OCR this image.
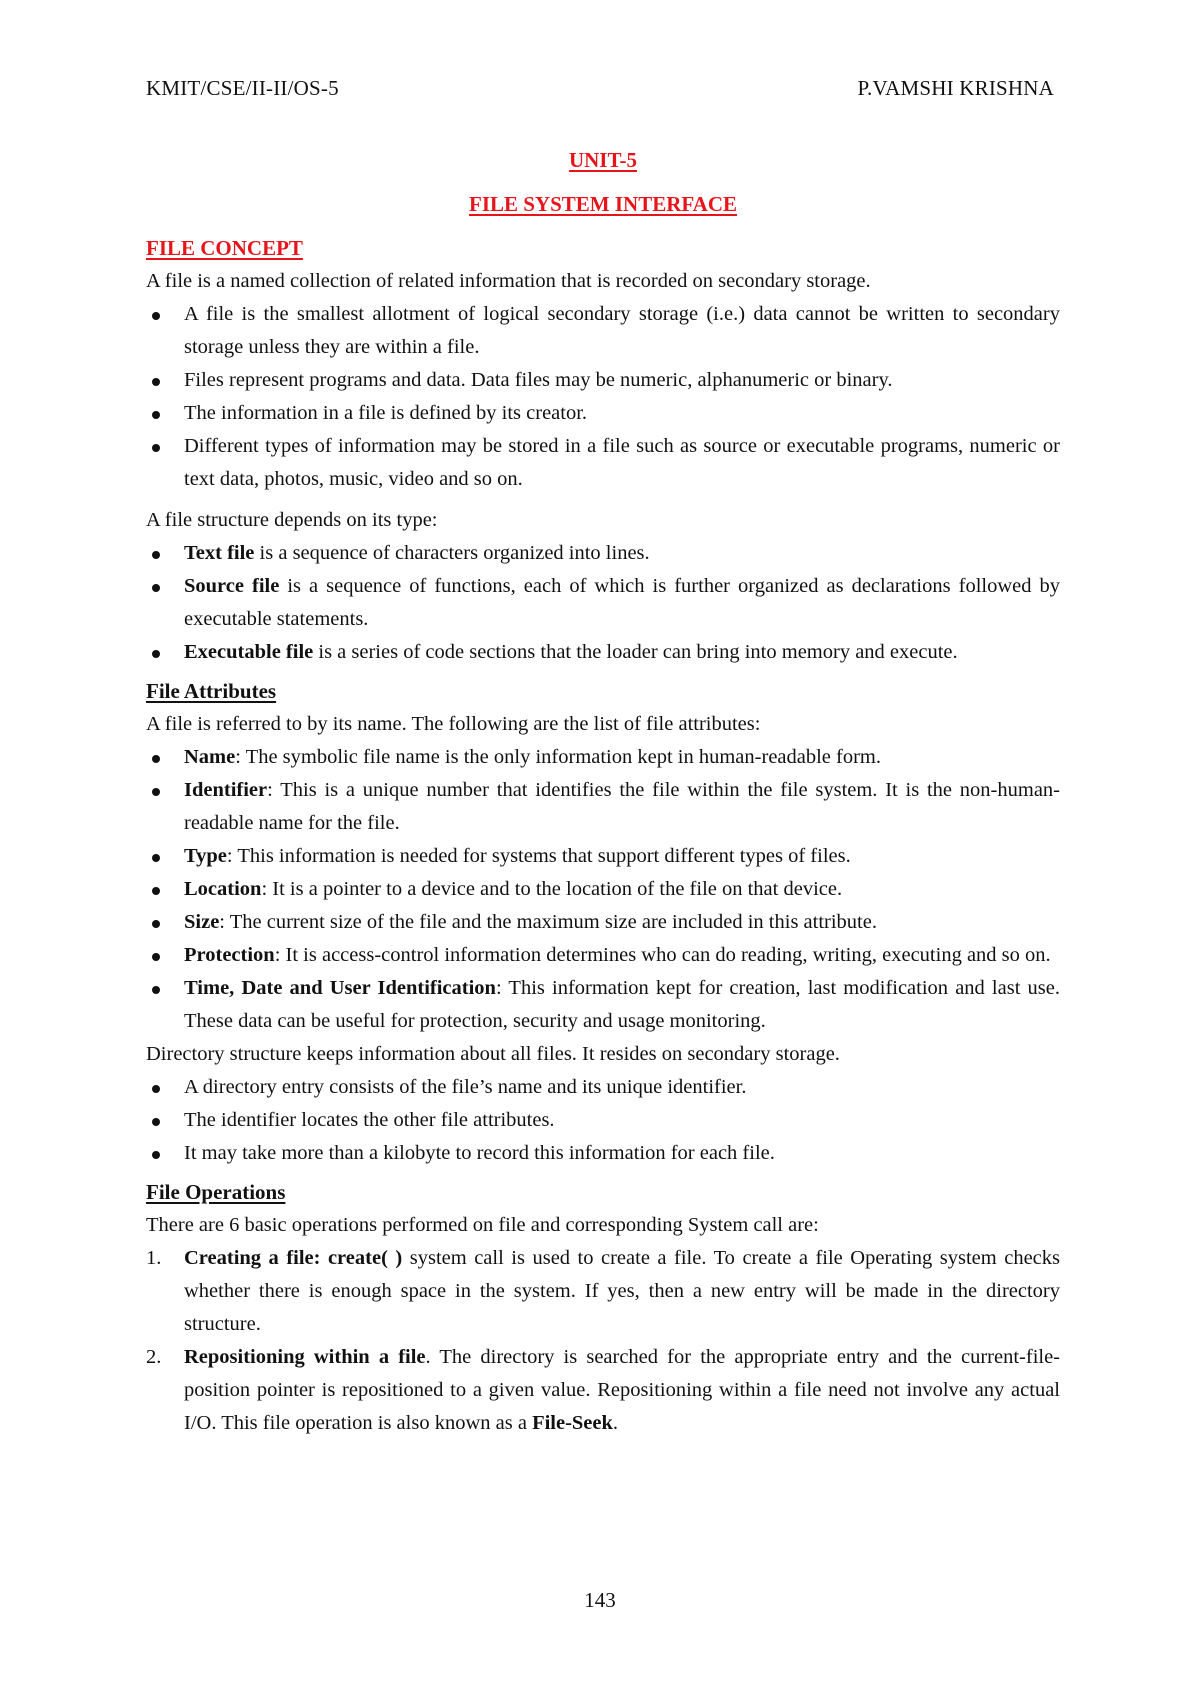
KMIT/CSE/II-II/OS-5	P.VAMSHI KRISHNA

UNIT-5

FILE SYSTEM INTERFACE

FILE CONCEPT

A file is a named collection of related information that is recorded on secondary storage.

A file is the smallest allotment of logical secondary storage (i.e.) data cannot be written to secondary storage unless they are within a file.
Files represent programs and data. Data files may be numeric, alphanumeric or binary.
The information in a file is defined by its creator.
Different types of information may be stored in a file such as source or executable programs, numeric or text data, photos, music, video and so on.

A file structure depends on its type:

Text file is a sequence of characters organized into lines.
Source file is a sequence of functions, each of which is further organized as declarations followed by executable statements.
Executable file is a series of code sections that the loader can bring into memory and execute.

File Attributes

A file is referred to by its name. The following are the list of file attributes:

Name: The symbolic file name is the only information kept in human-readable form.
Identifier: This is a unique number that identifies the file within the file system. It is the non-human-readable name for the file.
Type: This information is needed for systems that support different types of files.
Location: It is a pointer to a device and to the location of the file on that device.
Size: The current size of the file and the maximum size are included in this attribute.
Protection: It is access-control information determines who can do reading, writing, executing and so on.
Time, Date and User Identification: This information kept for creation, last modification and last use. These data can be useful for protection, security and usage monitoring.

Directory structure keeps information about all files. It resides on secondary storage.

A directory entry consists of the file’s name and its unique identifier.
The identifier locates the other file attributes.
It may take more than a kilobyte to record this information for each file.

File Operations

There are 6 basic operations performed on file and corresponding System call are:

1. Creating a file: create( ) system call is used to create a file. To create a file Operating system checks whether there is enough space in the system. If yes, then a new entry will be made in the directory structure.
2. Repositioning within a file. The directory is searched for the appropriate entry and the current-file-position pointer is repositioned to a given value. Repositioning within a file need not involve any actual I/O. This file operation is also known as a File-Seek.
143
